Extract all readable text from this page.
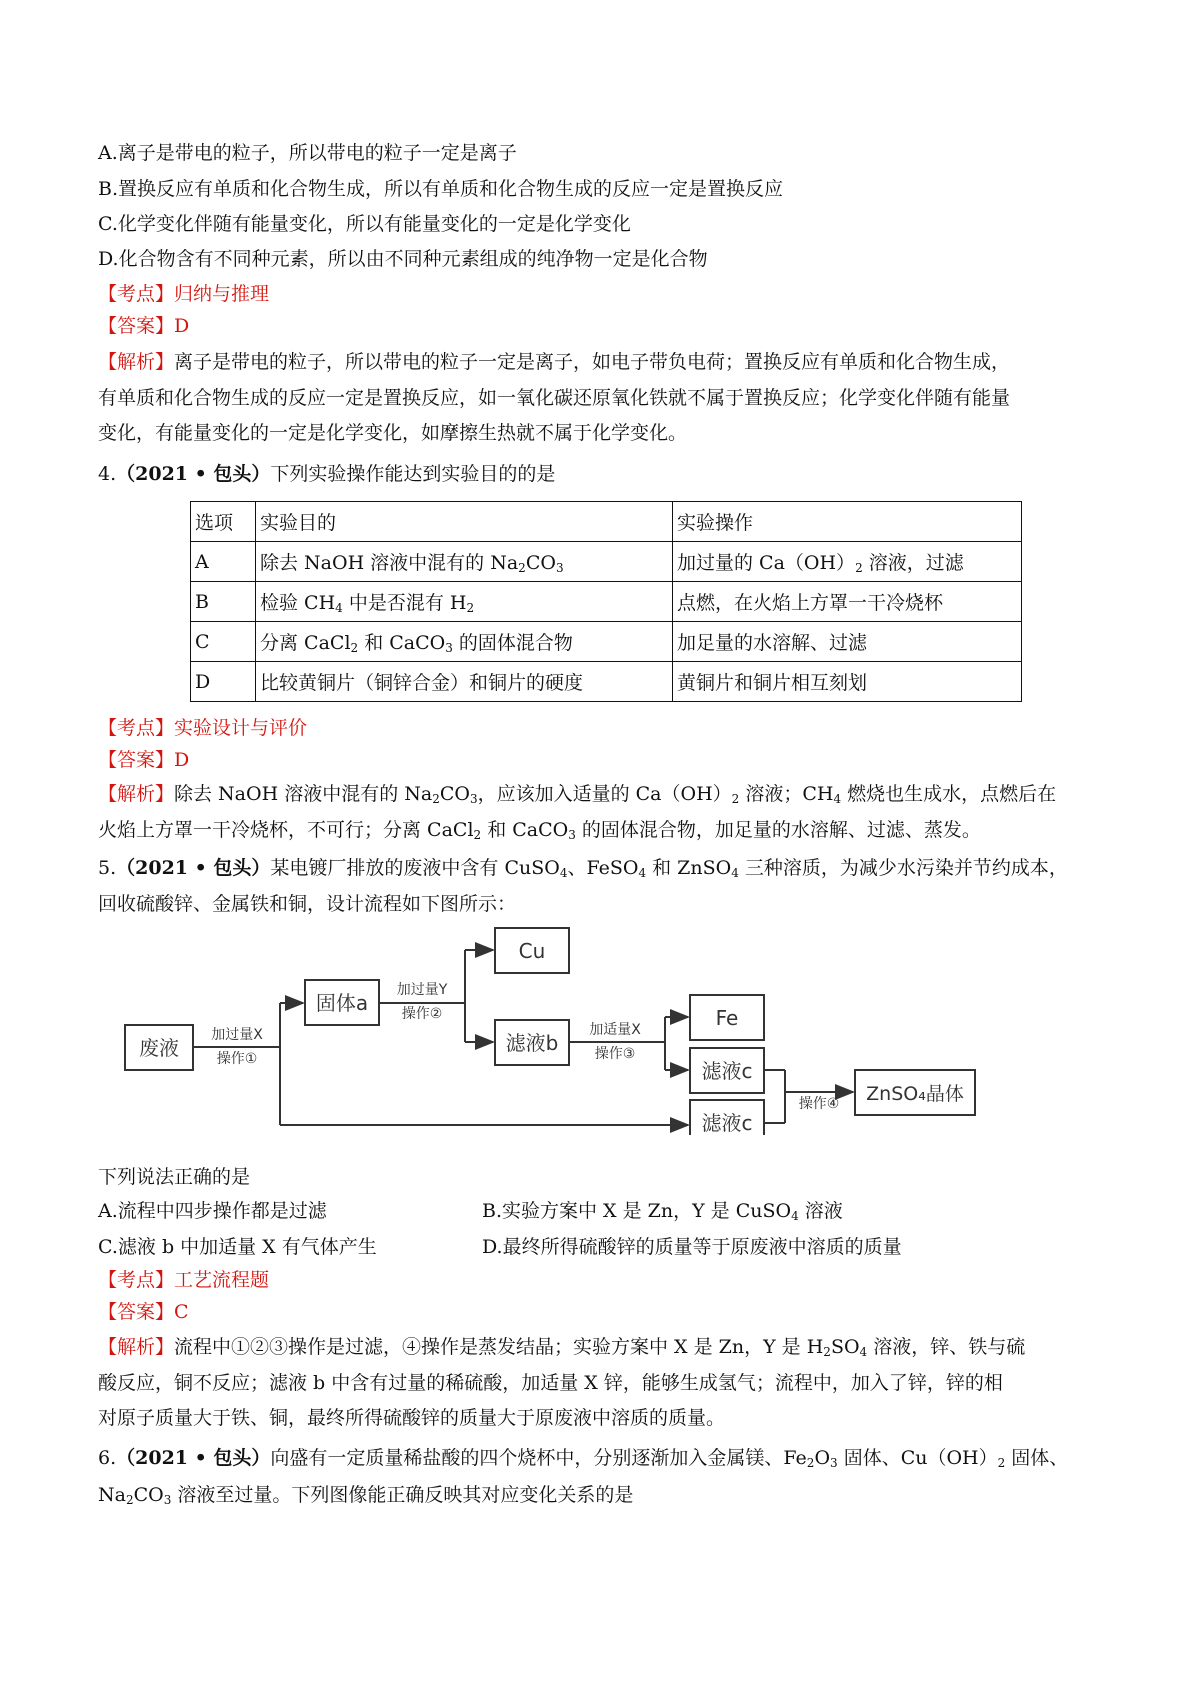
A.离子是带电的粒子，所以带电的粒子一定是离子
B.置换反应有单质和化合物生成，所以有单质和化合物生成的反应一定是置换反应
C.化学变化伴随有能量变化，所以有能量变化的一定是化学变化
D.化合物含有不同种元素，所以由不同种元素组成的纯净物一定是化合物
【考点】归纳与推理
【答案】D
【解析】离子是带电的粒子，所以带电的粒子一定是离子，如电子带负电荷；置换反应有单质和化合物生成，
有单质和化合物生成的反应一定是置换反应，如一氧化碳还原氧化铁就不属于置换反应；化学变化伴随有能量
变化，有能量变化的一定是化学变化，如摩擦生热就不属于化学变化。
4.（2021 • 包头）下列实验操作能达到实验目的的是
选项	实验目的	实验操作
A	除去 NaOH 溶液中混有的 $Na_2CO_3$	加过量的 $Ca(OH)_2$ 溶液，过滤
B	检验 $CH_4$ 中是否混有 $H_2$	点燃，在火焰上方罩一干冷烧杯
C	分离 CaCl$_2$ 和 CaCO$_3$ 的固体混合物	加足量的水溶解、过滤
D	比较黄铜片（铜锌合金）和铜片的硬度	黄铜片和铜片相互刻划
【考点】实验设计与评价
【答案】D
【解析】除去 NaOH 溶液中混有的 $Na_2CO_3$，应该加入适量的 $Ca(OH)_2$ 溶液；$CH_4$ 燃烧也生成水，点燃后在
火焰上方罩一干冷烧杯，不可行；分离 CaCl$_2$ 和 CaCO$_3$ 的固体混合物，加足量的水溶解、过滤、蒸发。
5.（2021 • 包头）某电镀厂排放的废液中含有 CuSO$_4$、FeSO$_4$ 和 ZnSO$_4$ 三种溶质，为减少水污染并节约成本，
回收硫酸锌、金属铁和铜，设计流程如下图所示：
废液
加过量X
操作①
固体a
加过量Y
操作②
Cu
滤液b
加适量X
操作③
Fe
滤液c
滤液c
操作④ ZnSO₄晶体
下列说法正确的是
A.流程中四步操作都是过滤	B.实验方案中 X 是 Zn，Y 是 CuSO$_4$ 溶液
C.滤液 b 中加适量 X 有气体产生	D.最终所得硫酸锌的质量等于原废液中溶质的质量
【考点】工艺流程题
【答案】C
【解析】流程中①②③操作是过滤，④操作是蒸发结晶；实验方案中 X 是 Zn，Y 是 $H_2SO_4$ 溶液，锌、铁与硫
酸反应，铜不反应；滤液 b 中含有过量的稀硫酸，加适量 X 锌，能够生成氢气；流程中，加入了锌，锌的相
对原子质量大于铁、铜，最终所得硫酸锌的质量大于原废液中溶质的质量。
6.（2021 • 包头）向盛有一定质量稀盐酸的四个烧杯中，分别逐渐加入金属镁、$Fe_2O_3$ 固体、$Cu(OH)_2$ 固体、
$Na_2CO_3$ 溶液至过量。下列图像能正确反映其对应变化关系的是
